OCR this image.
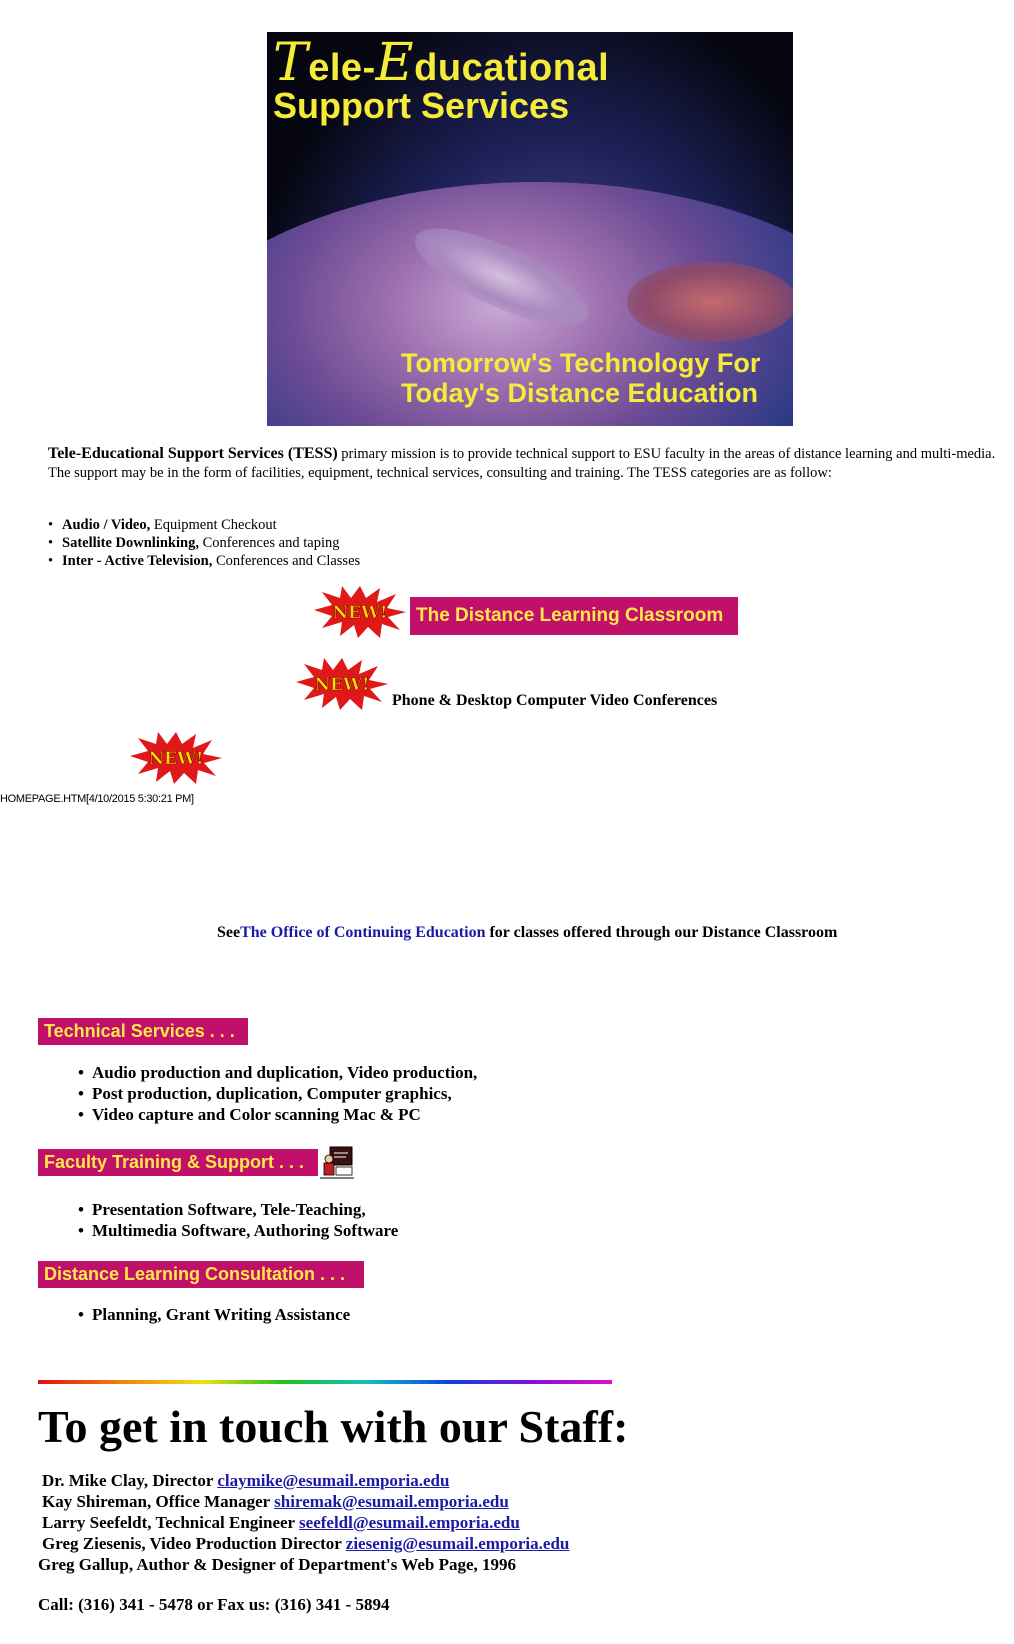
Tele-Educational
Support Services
Tomorrow's Technology For
Today's Distance Education
Tele-Educational Support Services (TESS) primary mission is to provide technical support to ESU faculty in the areas of distance learning and multi-media. The support may be in the form of facilities, equipment, technical services, consulting and training. The TESS categories are as follow:
• Audio / Video, Equipment Checkout
• Satellite Downlinking, Conferences and taping
• Inter - Active Television, Conferences and Classes
NEW!	The Distance Learning Classroom
NEW!
Phone & Desktop Computer Video Conferences
NEW!
HOMEPAGE.HTM[4/10/2015 5:30:21 PM]
SeeThe Office of Continuing Education for classes offered through our Distance Classroom
Technical Services . . .
• Audio production and duplication, Video production,
• Post production, duplication, Computer graphics,
• Video capture and Color scanning Mac & PC
Faculty Training & Support . . .
• Presentation Software, Tele-Teaching,
• Multimedia Software, Authoring Software
Distance Learning Consultation . . .
• Planning, Grant Writing Assistance
To get in touch with our Staff:
Dr. Mike Clay, Director claymike@esumail.emporia.edu
Kay Shireman, Office Manager shiremak@esumail.emporia.edu
Larry Seefeldt, Technical Engineer seefeldl@esumail.emporia.edu
Greg Ziesenis, Video Production Director ziesenig@esumail.emporia.edu
Greg Gallup, Author & Designer of Department's Web Page, 1996
Call: (316) 341 - 5478 or Fax us: (316) 341 - 5894
